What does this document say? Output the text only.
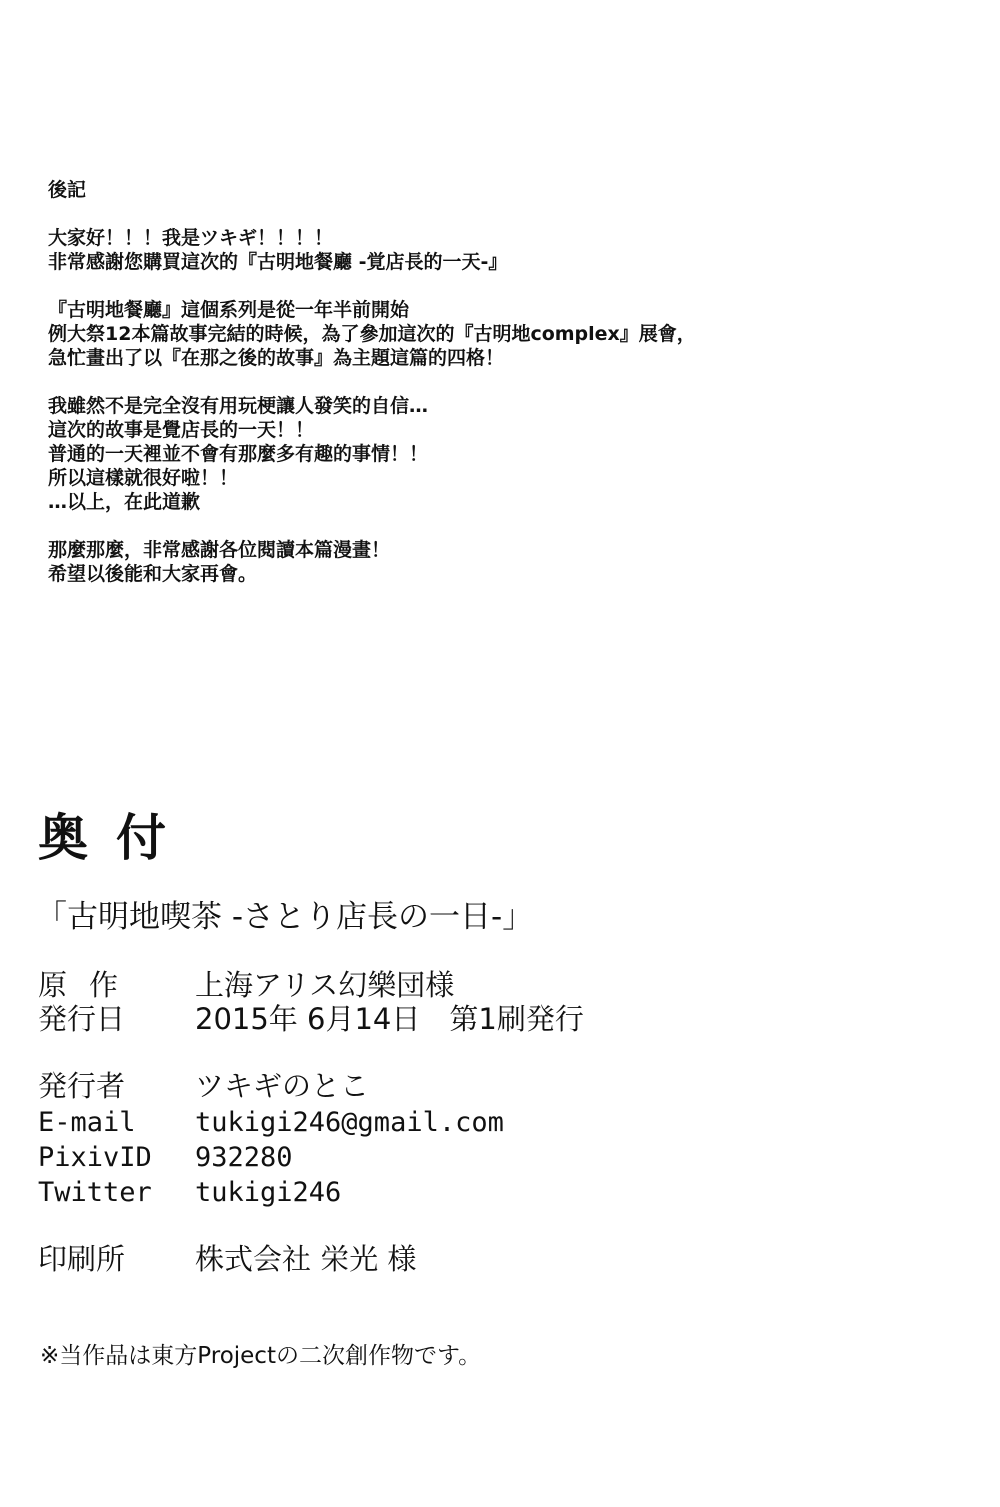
後記
大家好！！！我是ツキギ！！！！
非常感謝您購買這次的『古明地餐廳 -覚店長的一天-』
『古明地餐廳』這個系列是從一年半前開始
例大祭12本篇故事完結的時候，為了參加這次的『古明地complex』展會，
急忙畫出了以『在那之後的故事』為主題這篇的四格！
我雖然不是完全沒有用玩梗讓人發笑的自信…
這次的故事是覺店長的一天！！
普通的一天裡並不會有那麼多有趣的事情！！
所以這樣就很好啦！！
…以上，在此道歉
那麼那麼，非常感謝各位閱讀本篇漫畫！
希望以後能和大家再會。
奥付
「古明地喫茶 -さとり店長の一日-」
原作 上海アリス幻樂団様
発行日 2015年 6月14日　第1刷発行
発行者 ツキギのとこ
E-mail tukigi246@gmail.com
PixivID 932280
Twitter tukigi246
印刷所 株式会社 栄光 様
※当作品は東方Projectの二次創作物です。
